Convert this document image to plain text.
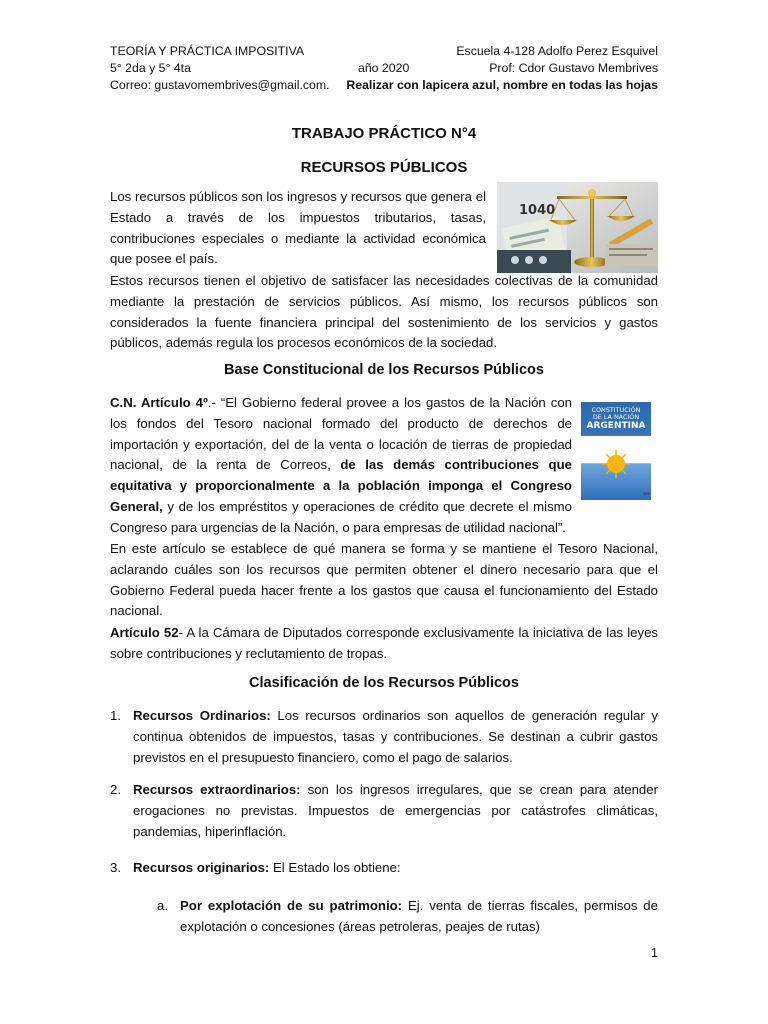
TEORÍA Y PRÁCTICA IMPOSITIVA	Escuela 4-128 Adolfo Perez Esquivel
5° 2da y 5° 4ta	año 2020	Prof: Cdor Gustavo Membrives
Correo: gustavomembrives@gmail.com. Realizar con lapicera azul, nombre en todas las hojas
TRABAJO PRÁCTICO N°4
RECURSOS PÚBLICOS

Los recursos públicos son los ingresos y recursos que genera el Estado a través de los impuestos tributarios, tasas, contribuciones especiales o mediante la actividad económica que posee el país.

1040

Estos recursos tienen el objetivo de satisfacer las necesidades colectivas de la comunidad mediante la prestación de servicios públicos. Así mismo, los recursos públicos son considerados la fuente financiera principal del sostenimiento de los servicios y gastos públicos, además regula los procesos económicos de la sociedad.

Base Constitucional de los Recursos Públicos

C.N. Artículo 4º.- “El Gobierno federal provee a los gastos de la Nación con los fondos del Tesoro nacional formado del producto de derechos de importación y exportación, del de la venta o locación de tierras de propiedad nacional, de la renta de Correos, de las demás contribuciones que equitativa y proporcionalmente a la población imponga el Congreso General, y de los empréstitos y operaciones de crédito que decrete el mismo Congreso para urgencias de la Nación, o para empresas de utilidad nacional”.

aa
CONSTITUCIÓN
DE LA NACIÓN
ARGENTINA

En este artículo se establece de qué manera se forma y se mantiene el Tesoro Nacional, aclarando cuáles son los recursos que permiten obtener el dinero necesario para que el Gobierno Federal pueda hacer frente a los gastos que causa el funcionamiento del Estado nacional.

Artículo 52- A la Cámara de Diputados corresponde exclusivamente la iniciativa de las leyes sobre contribuciones y reclutamiento de tropas.

Clasificación de los Recursos Públicos
1. Recursos Ordinarios: Los recursos ordinarios son aquellos de generación regular y continua obtenidos de impuestos, tasas y contribuciones. Se destinan a cubrir gastos previstos en el presupuesto financiero, como el pago de salarios.

2. Recursos extraordinarios: son los ingresos irregulares, que se crean para atender erogaciones no previstas. Impuestos de emergencias por catástrofes climáticas, pandemias, hiperinflación.

3. Recursos originarios: El Estado los obtiene:

a. Por explotación de su patrimonio: Ej. venta de tierras fiscales, permisos de explotación o concesiones (áreas petroleras, peajes de rutas)

1
